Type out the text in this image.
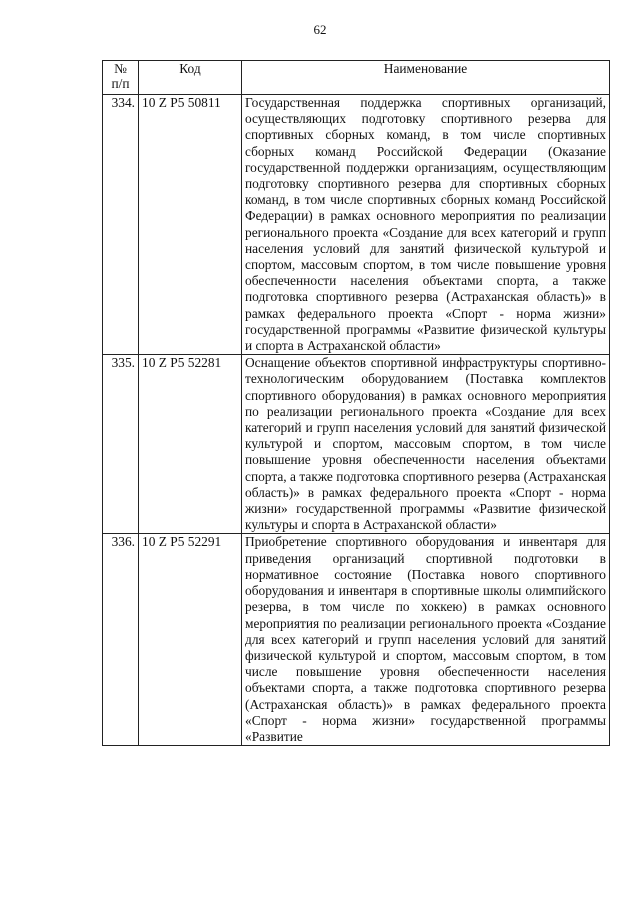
62
№
п/п	Код	Наименование
334.	10 Z P5 50811	Государственная поддержка спортивных организаций, осуществляющих подготовку спортивного резерва для спортивных сборных команд, в том числе спортивных сборных команд Российской Федерации (Оказание государственной поддержки организациям, осуществляющим подготовку спортивного резерва для спортивных сборных команд, в том числе спортивных сборных команд Российской Федерации) в рамках основного мероприятия по реализации регионального проекта «Создание для всех категорий и групп населения условий для занятий физической культурой и спортом, массовым спортом, в том числе повышение уровня обеспеченности населения объектами спорта, а также подготовка спортивного резерва (Астраханская область)» в рамках федерального проекта «Спорт - норма жизни» государственной программы «Развитие физической культуры и спорта в Астраханской области»
335.	10 Z P5 52281	Оснащение объектов спортивной инфраструктуры спортивно-технологическим оборудованием (Поставка комплектов спортивного оборудования) в рамках основного мероприятия по реализации регионального проекта «Создание для всех категорий и групп населения условий для занятий физической культурой и спортом, массовым спортом, в том числе повышение уровня обеспеченности населения объектами спорта, а также подготовка спортивного резерва (Астраханская область)» в рамках федерального проекта «Спорт - норма жизни» государственной программы «Развитие физической культуры и спорта в Астраханской области»
336.	10 Z P5 52291	Приобретение спортивного оборудования и инвентаря для приведения организаций спортивной подготовки в нормативное состояние (Поставка нового спортивного оборудования и инвентаря в спортивные школы олимпийского резерва, в том числе по хоккею) в рамках основного мероприятия по реализации регионального проекта «Создание для всех категорий и групп населения условий для занятий физической культурой и спортом, массовым спортом, в том числе повышение уровня обеспеченности населения объектами спорта, а также подготовка спортивного резерва (Астраханская область)» в рамках федерального проекта «Спорт - норма жизни» государственной программы «Развитие
